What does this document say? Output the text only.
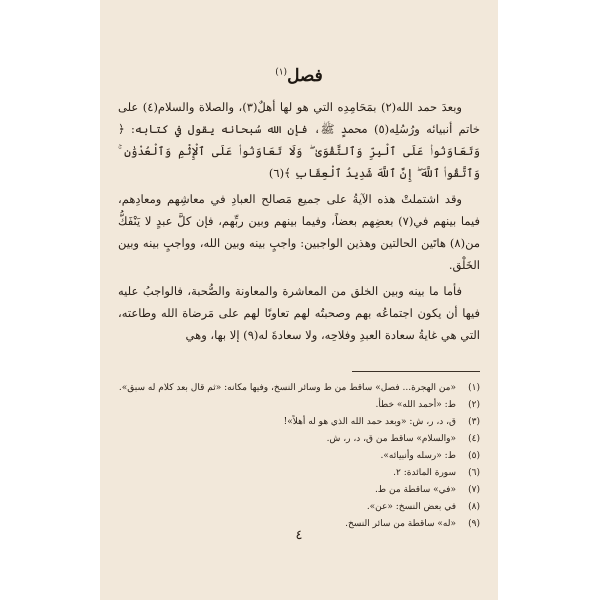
فصل$^{(١)}$

وبعدَ حمد الله(٢) بمَحَامِدِه التي هو لها أهلٌ(٣)، والصلاة والسلام(٤) على خاتم أنبيائه ورُسُلِه(٥) محمدٍ ﷺ، فإن الله سُبحانه يقول في كتابه: ﴿ وَتَعَاوَنُوا۟ عَلَى ٱلْبِرِّ وَٱلتَّقْوَىٰ ۖ وَلَا تَعَاوَنُوا۟ عَلَى ٱلْإِثْمِ وَٱلْعُدْوَٰنِ ۚ وَٱتَّقُوا۟ ٱللَّهَ ۖ إِنَّ ٱللَّهَ شَدِيدُ ٱلْعِقَابِ ﴾(٦)

وقد اشتملتْ هذه الآيةُ على جميع مَصالح العبادِ في معاشِهم ومعادِهم، فيما بينهم في(٧) بعضِهم بعضاً، وفيما بينهم وبين ربِّهم، فإن كلَّ عبدٍ لا يَنْفَكُّ من(٨) هاتَين الحالتين وهذين الواجبين: واجبٍ بينه وبين الله، وواجبٍ بينه وبين الخَلْق.

فأما ما بينه وبين الخلق من المعاشرة والمعاونة والصُّحبة، فالواجبُ عليه فيها أن يكون اجتماعُه بهم وصحبتُه لهم تعاونًا لهم على مَرضاة الله وطاعته، التي هي غايةُ سعادة العبدِ وفلاحِه، ولا سعادةَ له(٩) إلا بها، وهي

(١)
«من الهجرة... فصل» ساقط من ط وسائر النسخ، وفيها مكانه: «ثم قال بعد كلام له سبق».
(٢)
ط: «أحمد الله» خطأ.
(٣)
ق، د، ر، ش: «وبعد حمد الله الذي هو له أهلاً»!
(٤)
«والسلام» ساقط من ق، د، ر، ش.
(٥)
ط: «رسله وأنبيائه».
(٦)
سورة المائدة: ٢.
(٧)
«في» ساقطة من ط.
(٨)
في بعض النسخ: «عن».
(٩)
«له» ساقطة من سائر النسخ.
٤
